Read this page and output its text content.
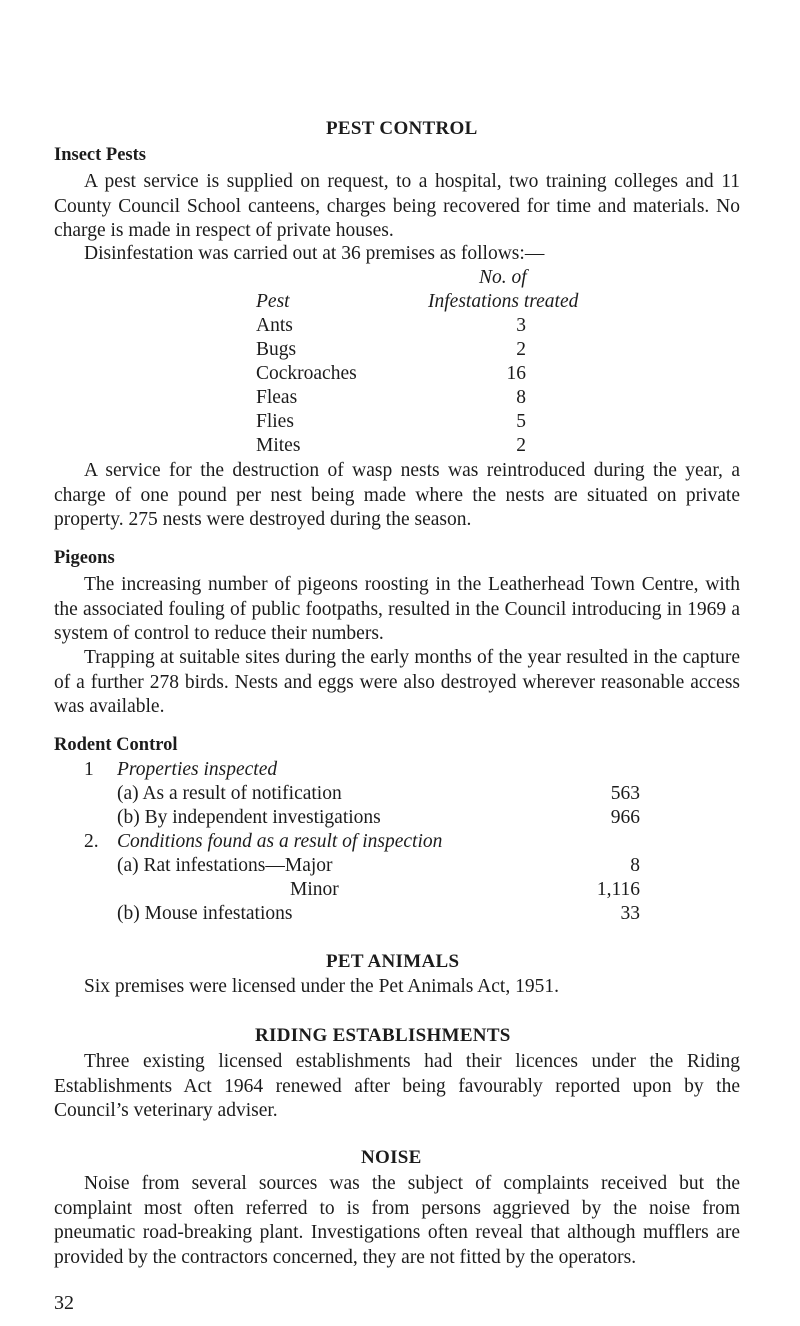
PEST CONTROL
Insect Pests

A pest service is supplied on request, to a hospital, two training colleges and 11 County Council School canteens, charges being recovered for time and materials. No charge is made in respect of private houses.

Disinfestation was carried out at 36 premises as follows:—
No. of
Pest	Infestations treated
Ants	3
Bugs	2
Cockroaches	16
Fleas	8
Flies	5
Mites	2

A service for the destruction of wasp nests was reintroduced during the year, a charge of one pound per nest being made where the nests are situated on private property. 275 nests were destroyed during the season.

Pigeons

The increasing number of pigeons roosting in the Leatherhead Town Centre, with the associated fouling of public footpaths, resulted in the Council introducing in 1969 a system of control to reduce their numbers.

Trapping at suitable sites during the early months of the year resulted in the capture of a further 278 birds. Nests and eggs were also destroyed wherever reasonable access was available.

Rodent Control
1 Properties inspected
(a) As a result of notification	563
(b) By independent investigations	966
2. Conditions found as a result of inspection
(a) Rat infestations—Major	8
Minor	1,116
(b) Mouse infestations	33
PET ANIMALS
Six premises were licensed under the Pet Animals Act, 1951.
RIDING ESTABLISHMENTS

Three existing licensed establishments had their licences under the Riding Establishments Act 1964 renewed after being favourably reported upon by the Council’s veterinary adviser.

NOISE

Noise from several sources was the subject of complaints received but the complaint most often referred to is from persons aggrieved by the noise from pneumatic road-breaking plant. Investigations often reveal that although mufflers are provided by the contractors concerned, they are not fitted by the operators.

32
